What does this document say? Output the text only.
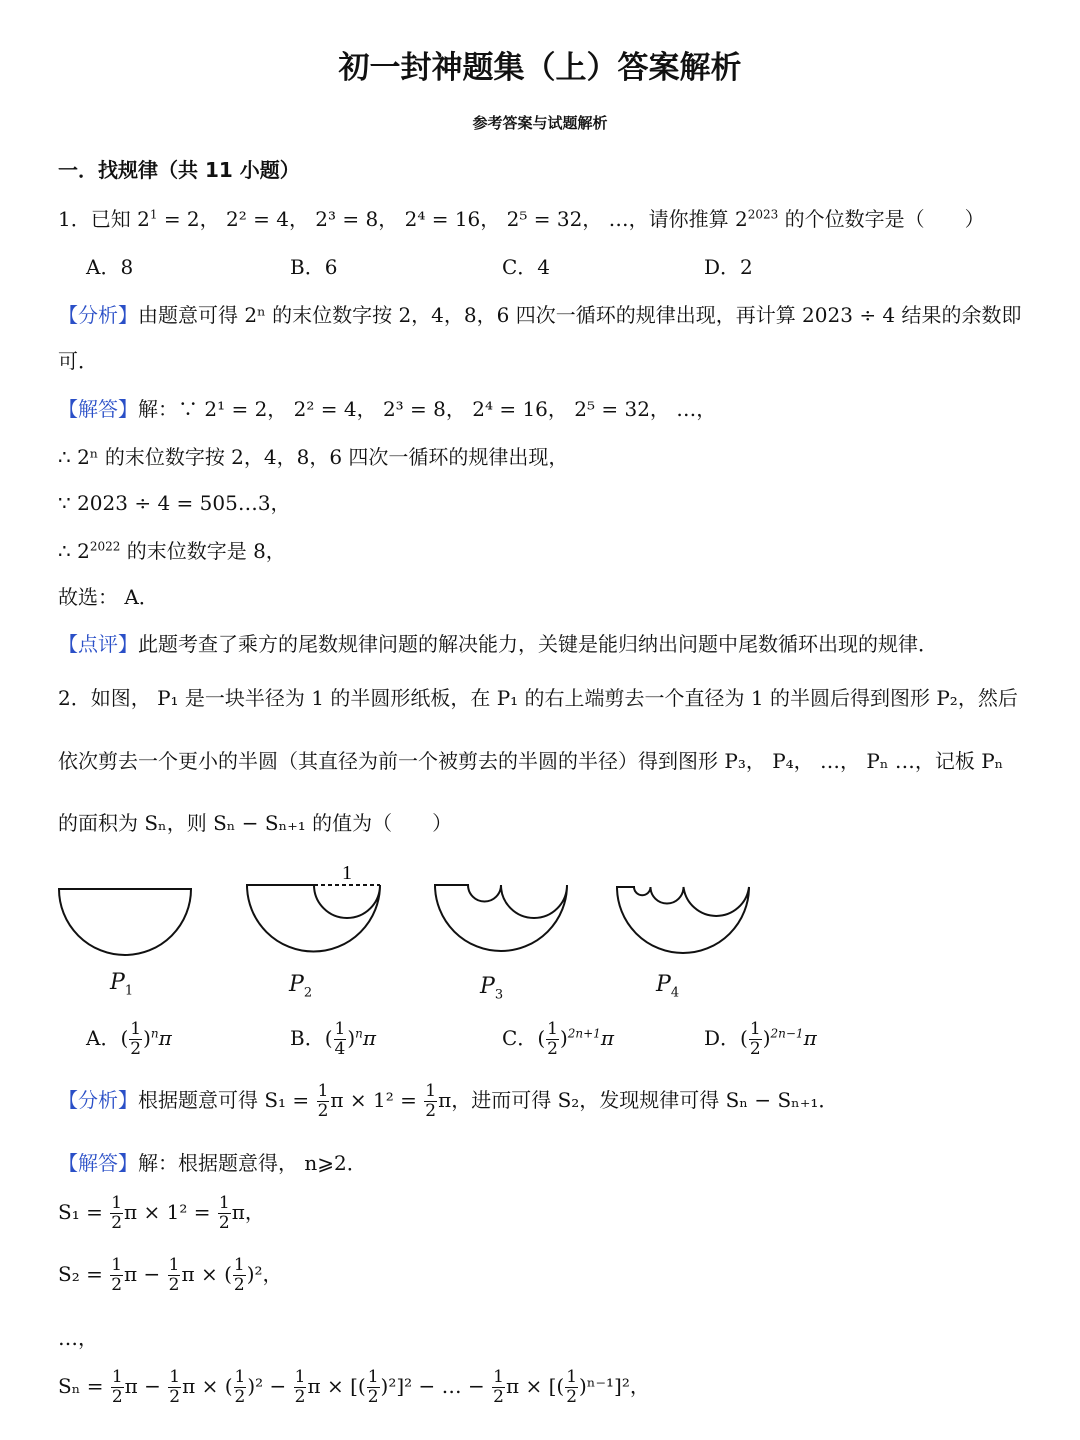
初一封神题集（上）答案解析
参考答案与试题解析
一．找规律（共 11 小题）
1．已知 $2^1 = 2$， 2² = 4， 2³ = 8， 2⁴ = 16， 2⁵ = 32， …，请你推算 $2^{2023}$ 的个位数字是（　　）
A．8	B．6	C．4	D．2
【分析】由题意可得 2ⁿ 的末位数字按 2，4，8，6 四次一循环的规律出现，再计算 2023 ÷ 4 结果的余数即
可．
【解答】解：∵ 2¹ = 2， 2² = 4， 2³ = 8， 2⁴ = 16， 2⁵ = 32， …，
∴ 2ⁿ 的末位数字按 2，4，8，6 四次一循环的规律出现，
∵ 2023 ÷ 4 = 505…3，
∴ $2^{2022}$ 的末位数字是 8，
故选： A．
【点评】此题考查了乘方的尾数规律问题的解决能力，关键是能归纳出问题中尾数循环出现的规律．
2．如图， P₁ 是一块半径为 1 的半圆形纸板，在 P₁ 的右上端剪去一个直径为 1 的半圆后得到图形 P₂，然后
依次剪去一个更小的半圆（其直径为前一个被剪去的半圆的半径）得到图形 P₃， P₄， …， Pₙ …，记板 Pₙ
的面积为 Sₙ，则 Sₙ − Sₙ₊₁ 的值为（　　）
1
$P_1$	$P_2$	$P_3$	$P_4$
A．( $\frac{1}{2} )^n\pi$	B．( $\frac{1}{4} )^n\pi$	C．( $\frac{1}{2} )^{2n+1}\pi$	D．( $\frac{1}{2} )^{2n-1}\pi$
【分析】根据题意可得 $S_1 = \frac{1}{2}$ $\pi \times 1^2 = \frac{1}{2}$ π，进而可得 S₂，发现规律可得 Sₙ − Sₙ₊₁．
【解答】解：根据题意得， n⩾2．
$S_1 = \frac{1}{2}$ $\pi \times 1^2 = \frac{1}{2}$ π，
$S_2 = \frac{1}{2}$ $\pi - \frac{1}{2}$ π × ( $\frac{1}{2} )^2$，
…，
$S_n = \frac{1}{2}$ $\pi - \frac{1}{2}$ π × ( $\frac{1}{2} )^2 - \frac{1}{2}$ π × [( $\frac{1}{2} )^2]^2$ − … − $\frac{1}{2}$ π × [( $\frac{1}{2} )^{n-1}]^2$，
